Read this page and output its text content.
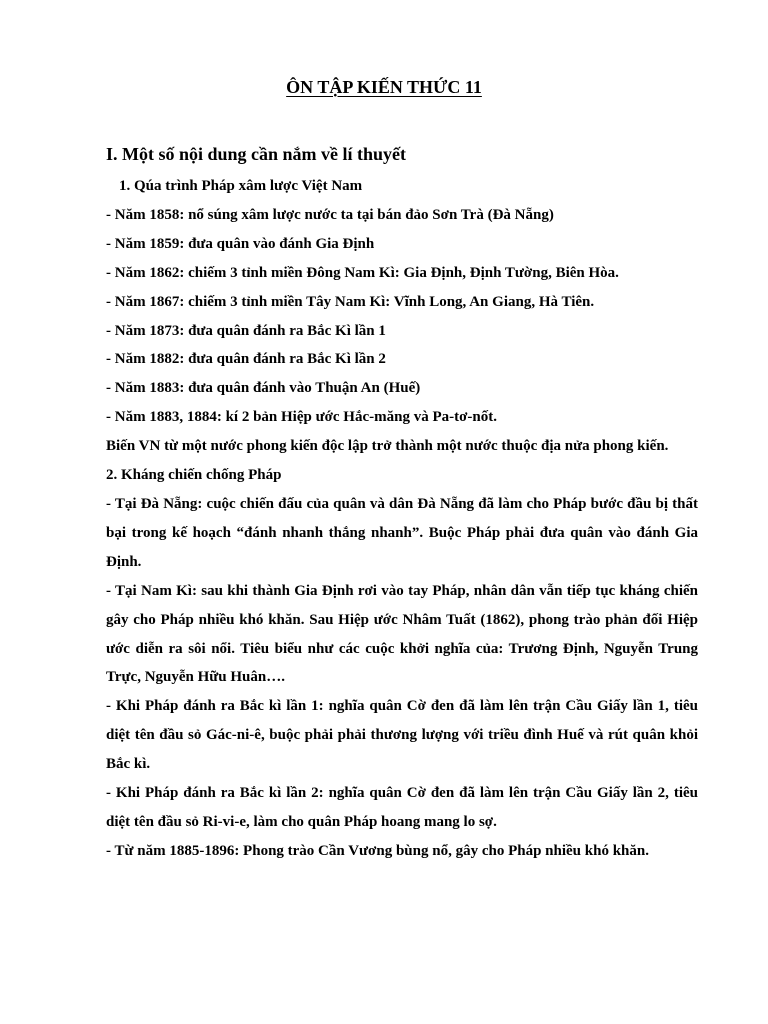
ÔN TẬP KIẾN THỨC 11
I. Một số nội dung cần nắm về lí thuyết

1. Qúa trình Pháp xâm lược Việt Nam

- Năm 1858: nổ súng xâm lược nước ta tại bán đảo Sơn Trà (Đà Nẵng)

- Năm 1859: đưa quân vào đánh Gia Định

- Năm 1862: chiếm 3 tỉnh miền Đông Nam Kì: Gia Định, Định Tường, Biên Hòa.

- Năm 1867: chiếm 3 tỉnh miền Tây Nam Kì: Vĩnh Long, An Giang, Hà Tiên.

- Năm 1873: đưa quân đánh ra Bắc Kì lần 1

- Năm 1882: đưa quân đánh ra Bắc Kì lần 2

- Năm 1883: đưa quân đánh vào Thuận An (Huế)

- Năm 1883, 1884: kí 2 bản Hiệp ước Hắc-măng và Pa-tơ-nốt.

Biến VN từ một nước phong kiến độc lập trở thành một nước thuộc địa nửa phong kiến.

2. Kháng chiến chống Pháp

- Tại Đà Nẵng: cuộc chiến đấu của quân và dân Đà Nẵng đã làm cho Pháp bước đầu bị thất bại trong kế hoạch “đánh nhanh thắng nhanh”. Buộc Pháp phải đưa quân vào đánh Gia Định.

- Tại Nam Kì: sau khi thành Gia Định rơi vào tay Pháp, nhân dân vẫn tiếp tục kháng chiến gây cho Pháp nhiều khó khăn. Sau Hiệp ước Nhâm Tuất (1862), phong trào phản đối Hiệp ước diễn ra sôi nổi. Tiêu biểu như các cuộc khởi nghĩa của: Trương Định, Nguyễn Trung Trực, Nguyễn Hữu Huân….

- Khi Pháp đánh ra Bắc kì lần 1: nghĩa quân Cờ đen đã làm lên trận Cầu Giấy lần 1, tiêu diệt tên đầu sỏ Gác-ni-ê, buộc phải phải thương lượng với triều đình Huế và rút quân khỏi Bắc kì.

- Khi Pháp đánh ra Bắc kì lần 2: nghĩa quân Cờ đen đã làm lên trận Cầu Giấy lần 2, tiêu diệt tên đầu sỏ Ri-vi-e, làm cho quân Pháp hoang mang lo sợ.

- Từ năm 1885-1896: Phong trào Cần Vương bùng nổ, gây cho Pháp nhiều khó khăn.
